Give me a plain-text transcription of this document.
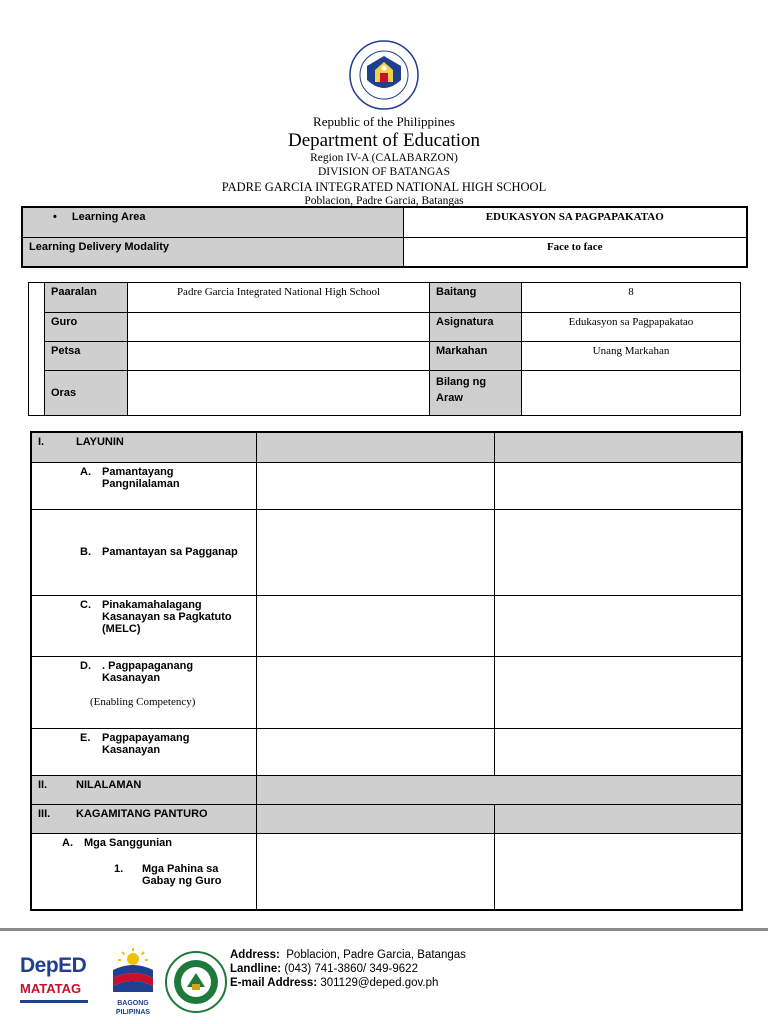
Republic of the Philippines
Department of Education
Region IV-A (CALABARZON)
DIVISION OF BATANGAS
PADRE GARCIA INTEGRATED NATIONAL HIGH SCHOOL
Poblacion, Padre Garcia, Batangas
• Learning Area	EDUKASYON SA PAGPAPAKATAO
Learning Delivery Modality	Face to face
	Paaralan	Padre Garcia Integrated National High School	Baitang	8
	Guro		Asignatura	Edukasyon sa Pagpapakatao
	Petsa		Markahan	Unang Markahan
	Oras		Bilang ng Araw	
I. LAYUNIN		

A. Pamantayang Pangnilalaman		

B. Pamantayan sa Pagganap		

C. Pinakamahalagang Kasanayan sa Pagkatuto (MELC)		

D. . Pagpapaganang Kasanayan
(Enabling Competency)		

E. Pagpapayamang Kasanayan		

II. NILALAMAN		

III. KAGAMITANG PANTURO		

A. Mga Sanggunian
1. Mga Pahina sa Gabay ng Guro		

DepED
MATATAG
BAGONG PILIPINAS
Address: Poblacion, Padre Garcia, Batangas
Landline: (043) 741-3860/ 349-9622
E-mail Address: 301129@deped.gov.ph
